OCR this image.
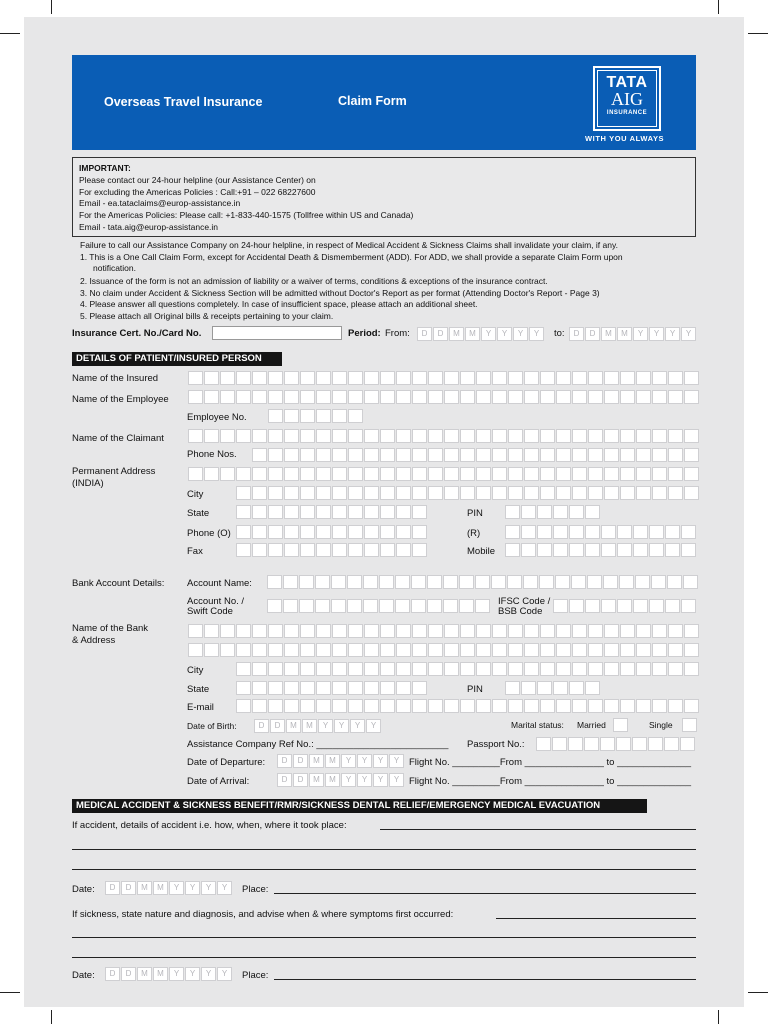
Overseas Travel Insurance	Claim Form
TATA
AIG
INSURANCE
WITH YOU ALWAYS
IMPORTANT:
Please contact our 24-hour helpline (our Assistance Center) on
For excluding the Americas Policies : Call:+91 – 022 68227600
Email - ea.tataclaims@europ-assistance.in
For the Americas Policies: Please call: +1-833-440-1575 (Tollfree within US and Canada)
Email - tata.aig@europ-assistance.in
Failure to call our Assistance Company on 24-hour helpline, in respect of Medical Accident & Sickness Claims shall invalidate your claim, if any.
1. This is a One Call Claim Form, except for Accidental Death & Dismemberment (ADD). For ADD, we shall provide a separate Claim Form upon
notification.
2. Issuance of the form is not an admission of liability or a waiver of terms, conditions & exceptions of the insurance contract.
3. No claim under Accident & Sickness Section will be admitted without Doctor's Report as per format (Attending Doctor's Report - Page 3)
4. Please answer all questions completely. In case of insufficient space, please attach an additional sheet.
5. Please attach all Original bills & receipts pertaining to your claim.
Insurance Cert. No./Card No.	Period: From:	D	D	M	M	Y	Y	Y	Y	to:	D	D	M	M	Y	Y	Y	Y
DETAILS OF PATIENT/INSURED PERSON
Name of the Insured
Name of the Employee
Employee No.
Name of the Claimant
Phone Nos.
Permanent Address
(INDIA)
City
State	PIN
Phone (O)	(R)
Fax	Mobile
Bank Account Details: Account Name:
Account No. /
Swift Code
IFSC Code /
BSB Code
Name of the Bank
& Address
City
State	PIN
E-mail
Date of Birth:	D	D	M	M	Y	Y	Y	Y	Marital status: Married	Single
Assistance Company Ref No.: _________________________ Passport No.:
Date of Departure:	D	D	M	M	Y	Y	Y	Y	Flight No. _________From _______________ to ______________
Date of Arrival:	D	D	M	M	Y	Y	Y	Y	Flight No. _________From _______________ to ______________
MEDICAL ACCIDENT & SICKNESS BENEFIT/RMR/SICKNESS DENTAL RELIEF/EMERGENCY MEDICAL EVACUATION
If accident, details of accident i.e. how, when, where it took place:
Date:	D	D	M	M	Y	Y	Y	Y	Place:
If sickness, state nature and diagnosis, and advise when & where symptoms first occurred:
Date:	D	D	M	M	Y	Y	Y	Y	Place:
